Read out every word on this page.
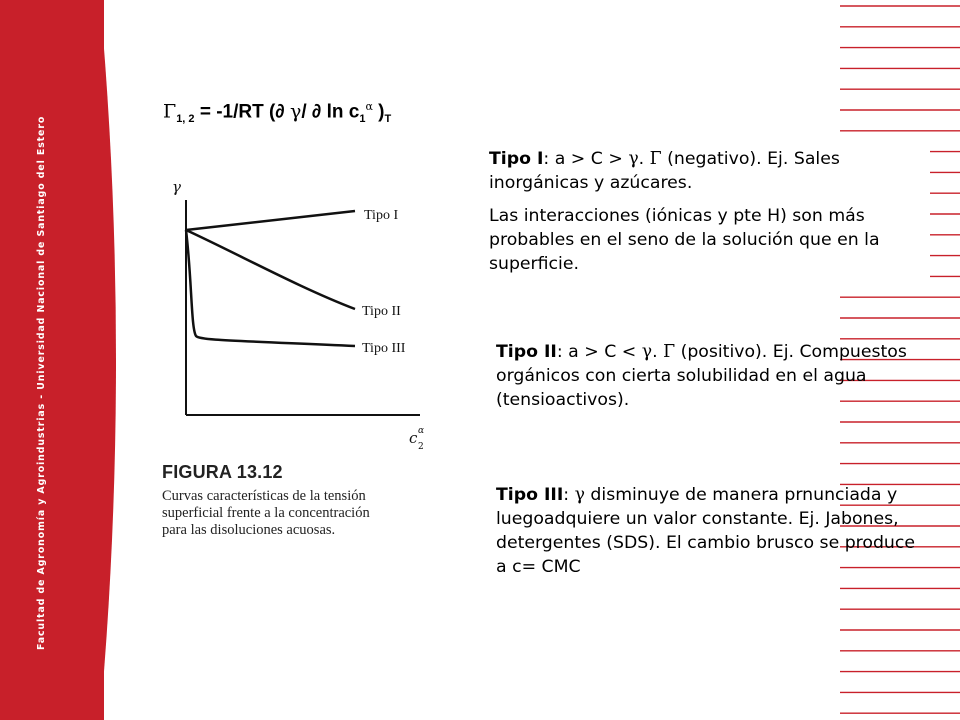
Facultad de Agronomía y Agroindustrias - Universidad Nacional de Santiago del Estero
$\Gamma_{1, 2} = -1/RT$ (∂ γ/ ∂ $\ln c_1^\alpha$ )$_T$
γ
c α
2
Tipo I
Tipo II
Tipo III
FIGURA 13.12
Curvas características de la tensión
superficial frente a la concentración
para las disoluciones acuosas.

Tipo I: a > C > γ. Γ (negativo). Ej. Sales inorgánicas y azúcares.

Las interacciones (iónicas y pte H) son más probables en el seno de la solución que en la superficie.

Tipo II: a > C < γ. Γ (positivo). Ej. Compuestos orgánicos con cierta solubilidad en el agua (tensioactivos).

Tipo III: γ disminuye de manera prnunciada y luegoadquiere un valor constante. Ej. Jabones, detergentes (SDS). El cambio brusco se produce a c= CMC
